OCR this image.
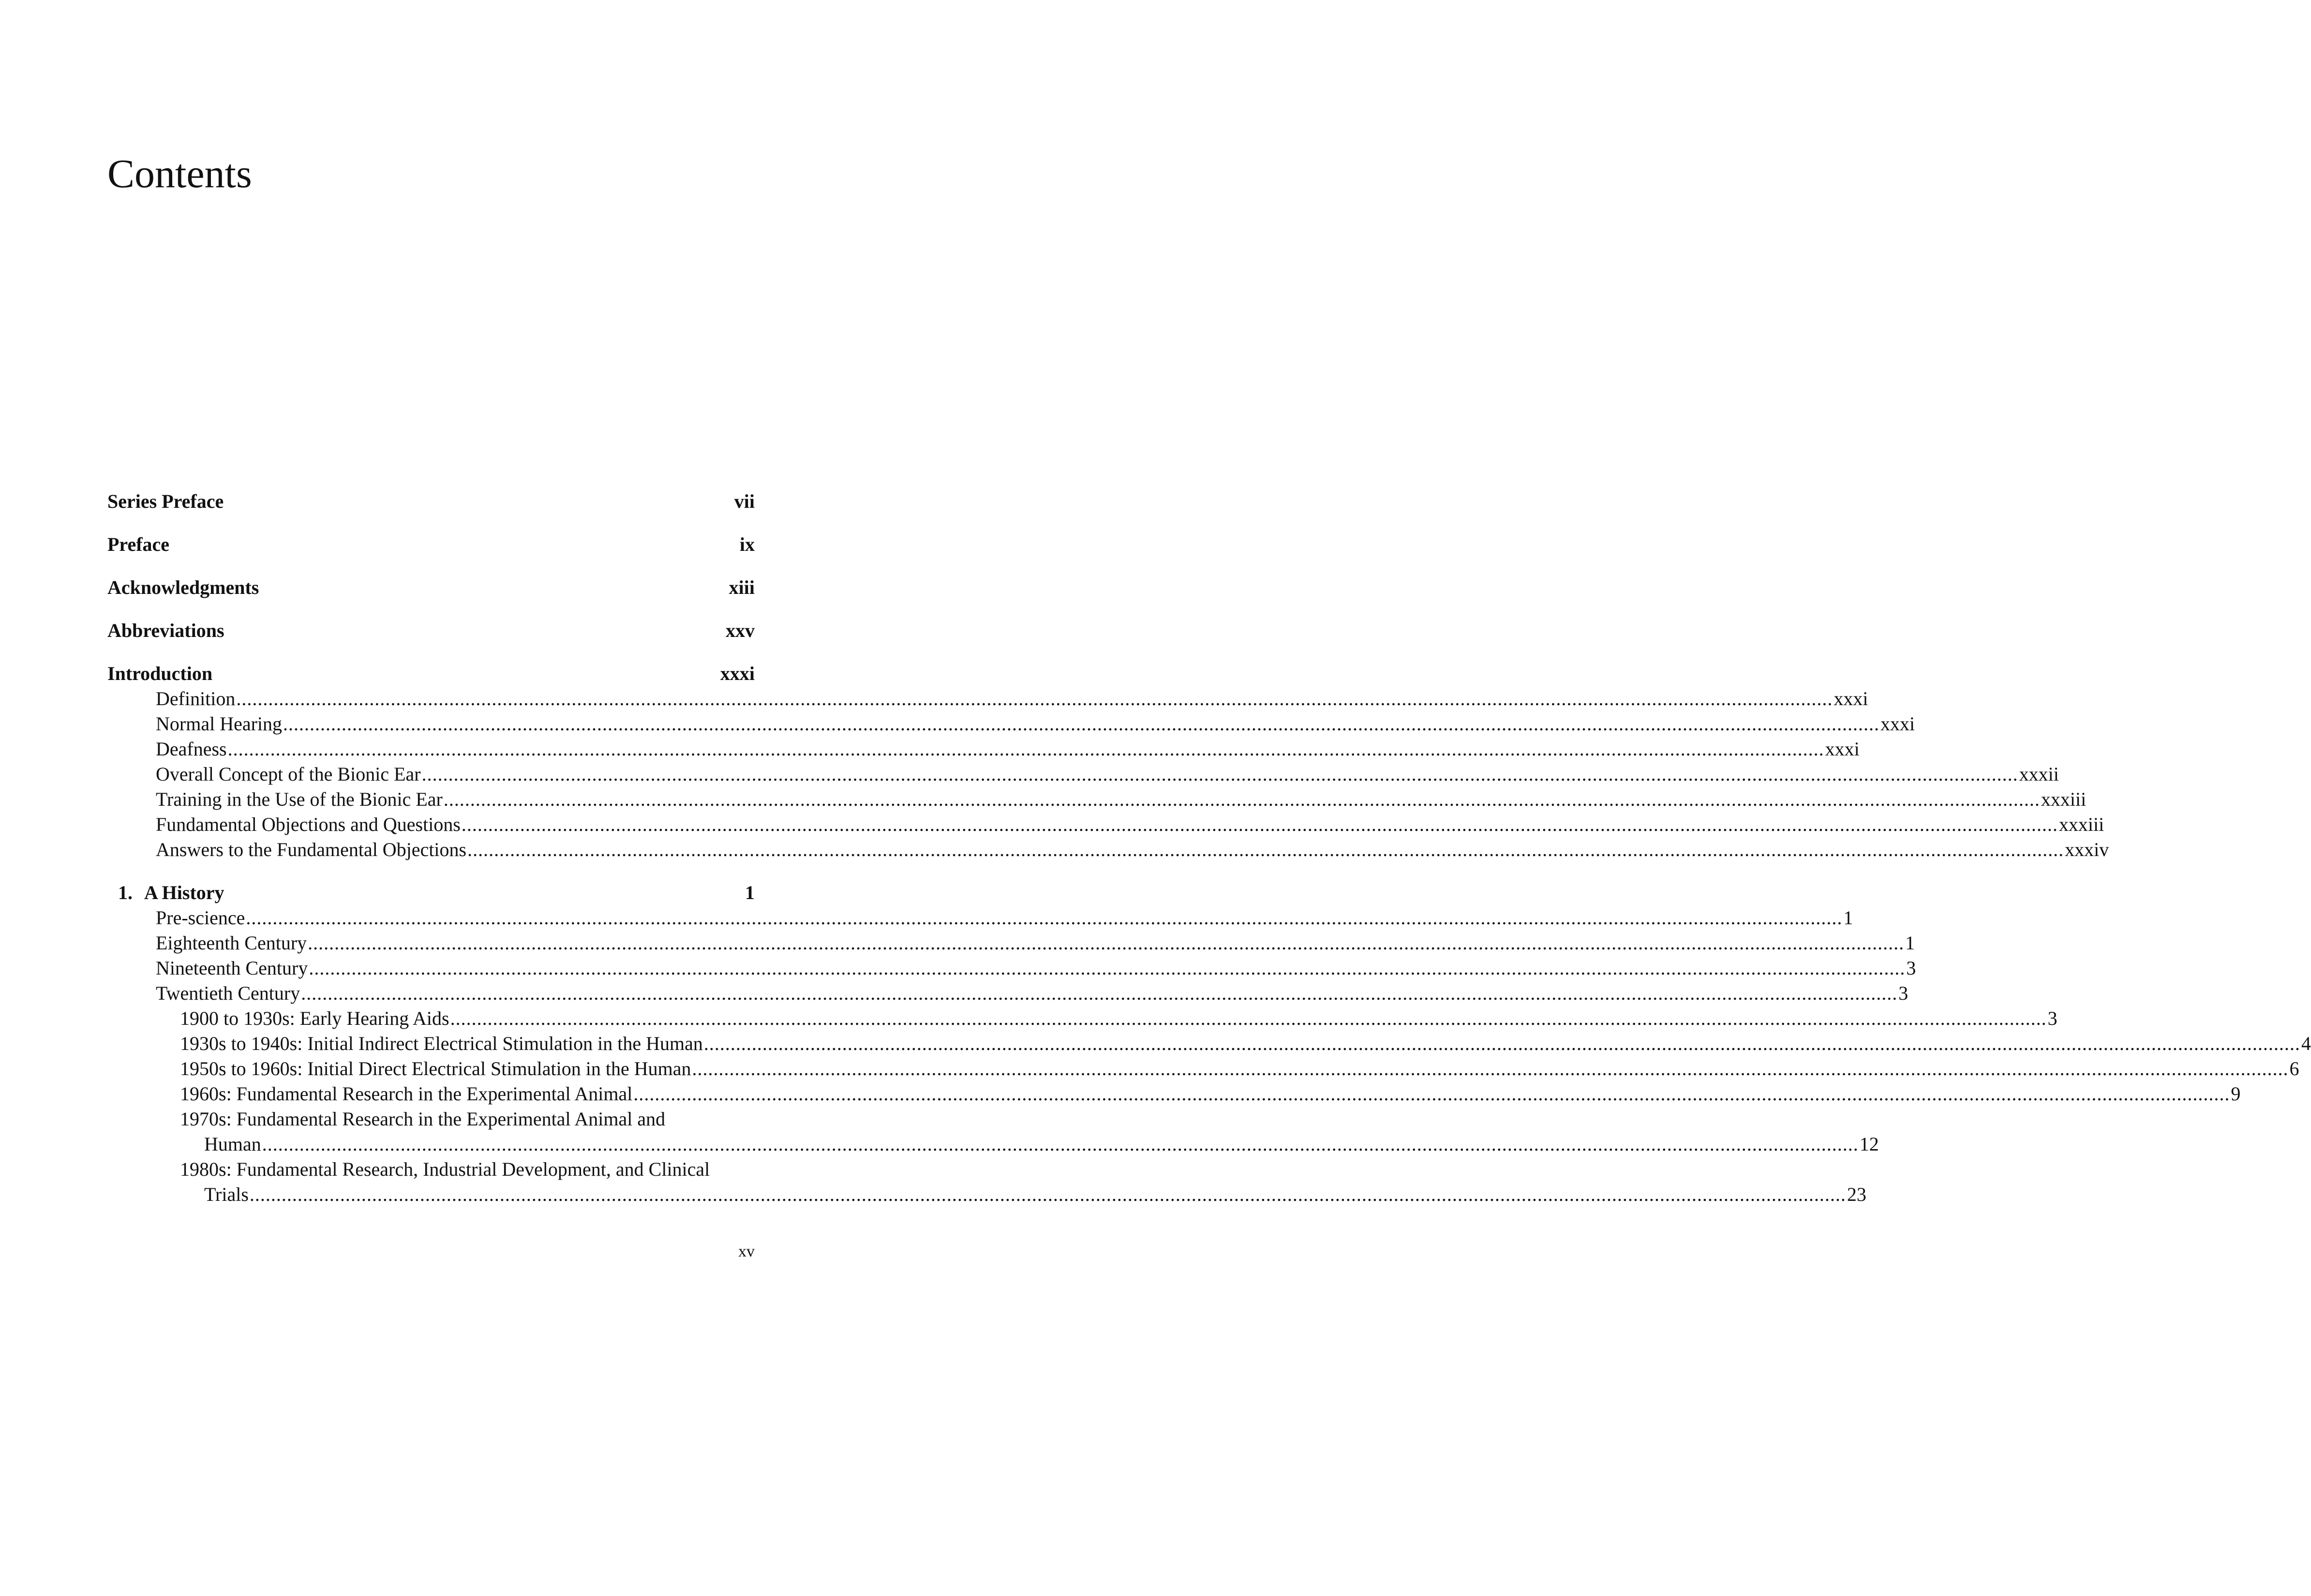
Contents
Series Preface	vii
Preface	ix
Acknowledgments	xiii
Abbreviations	xxv
Introduction	xxxi
Definition ............................................................................................................................................................................................................................................................................................................ xxxi
Normal Hearing ............................................................................................................................................................................................................................................................................................................ xxxi
Deafness ............................................................................................................................................................................................................................................................................................................ xxxi
Overall Concept of the Bionic Ear ............................................................................................................................................................................................................................................................................................................ xxxii
Training in the Use of the Bionic Ear ............................................................................................................................................................................................................................................................................................................ xxxiii
Fundamental Objections and Questions ............................................................................................................................................................................................................................................................................................................ xxxiii
Answers to the Fundamental Objections ............................................................................................................................................................................................................................................................................................................ xxxiv
1. A History	1
Pre-science ............................................................................................................................................................................................................................................................................................................ 1
Eighteenth Century ............................................................................................................................................................................................................................................................................................................ 1
Nineteenth Century ............................................................................................................................................................................................................................................................................................................ 3
Twentieth Century ............................................................................................................................................................................................................................................................................................................ 3
1900 to 1930s: Early Hearing Aids ............................................................................................................................................................................................................................................................................................................ 3
1930s to 1940s: Initial Indirect Electrical Stimulation in the Human ............................................................................................................................................................................................................................................................................................................ 4
1950s to 1960s: Initial Direct Electrical Stimulation in the Human ............................................................................................................................................................................................................................................................................................................ 6
1960s: Fundamental Research in the Experimental Animal ............................................................................................................................................................................................................................................................................................................ 9
1970s: Fundamental Research in the Experimental Animal and
Human ............................................................................................................................................................................................................................................................................................................ 12
1980s: Fundamental Research, Industrial Development, and Clinical
Trials ............................................................................................................................................................................................................................................................................................................ 23
xv
